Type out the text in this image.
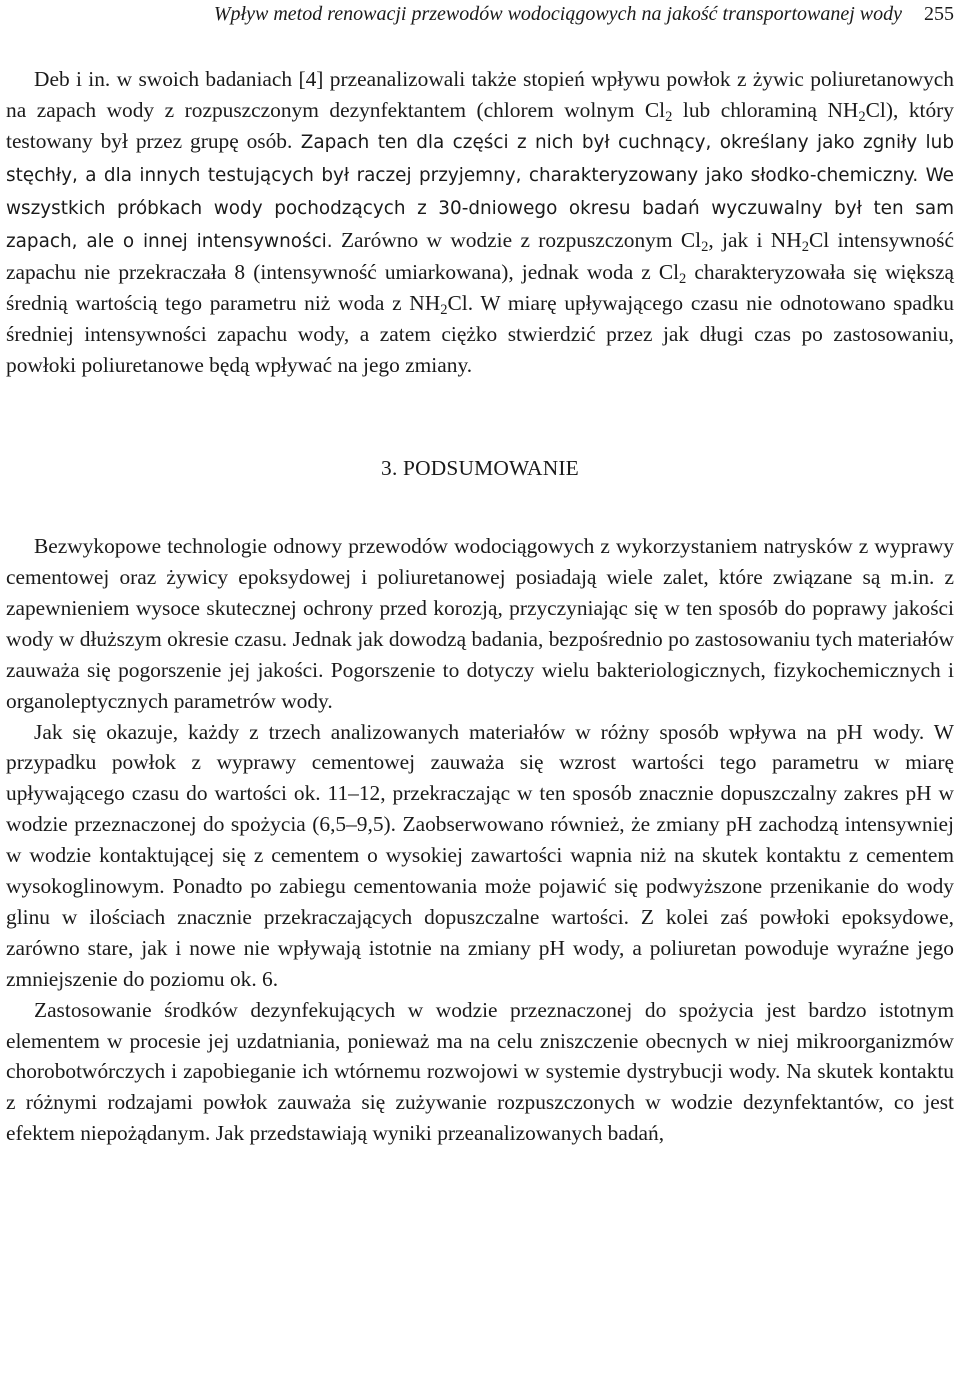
Wpływ metod renowacji przewodów wodociągowych na jakość transportowanej wody 255

Deb i in. w swoich badaniach [4] przeanalizowali także stopień wpływu powłok z żywic poliuretanowych na zapach wody z rozpuszczonym dezynfektantem (chlorem wolnym $Cl_2$ lub chloraminą $NH_2Cl$), który testowany był przez grupę osób. Zapach ten dla części z nich był cuchnący, określany jako zgniły lub stęchły, a dla innych testujących był raczej przyjemny, charakteryzowany jako słodko-chemiczny. We wszystkich próbkach wody pochodzących z 30-dniowego okresu badań wyczuwalny był ten sam zapach, ale o innej intensywności. Zarówno w wodzie z rozpuszczonym $Cl_2$, jak i $NH_2Cl$ intensywność zapachu nie przekraczała 8 (intensywność umiarkowana), jednak woda z $Cl_2$ charakteryzowała się większą średnią wartością tego parametru niż woda z $NH_2Cl$. W miarę upływającego czasu nie odnotowano spadku średniej intensywności zapachu wody, a zatem ciężko stwierdzić przez jak długi czas po zastosowaniu, powłoki poliuretanowe będą wpływać na jego zmiany.

3. PODSUMOWANIE

Bezwykopowe technologie odnowy przewodów wodociągowych z wykorzystaniem natrysków z wyprawy cementowej oraz żywicy epoksydowej i poliuretanowej posiadają wiele zalet, które związane są m.in. z zapewnieniem wysoce skutecznej ochrony przed korozją, przyczyniając się w ten sposób do poprawy jakości wody w dłuższym okresie czasu. Jednak jak dowodzą badania, bezpośrednio po zastosowaniu tych materiałów zauważa się pogorszenie jej jakości. Pogorszenie to dotyczy wielu bakteriologicznych, fizykochemicznych i organoleptycznych parametrów wody.

Jak się okazuje, każdy z trzech analizowanych materiałów w różny sposób wpływa na pH wody. W przypadku powłok z wyprawy cementowej zauważa się wzrost wartości tego parametru w miarę upływającego czasu do wartości ok. 11–12, przekraczając w ten sposób znacznie dopuszczalny zakres pH w wodzie przeznaczonej do spożycia (6,5–9,5). Zaobserwowano również, że zmiany pH zachodzą intensywniej w wodzie kontaktującej się z cementem o wysokiej zawartości wapnia niż na skutek kontaktu z cementem wysokoglinowym. Ponadto po zabiegu cementowania może pojawić się podwyższone przenikanie do wody glinu w ilościach znacznie przekraczających dopuszczalne wartości. Z kolei zaś powłoki epoksydowe, zarówno stare, jak i nowe nie wpływają istotnie na zmiany pH wody, a poliuretan powoduje wyraźne jego zmniejszenie do poziomu ok. 6.

Zastosowanie środków dezynfekujących w wodzie przeznaczonej do spożycia jest bardzo istotnym elementem w procesie jej uzdatniania, ponieważ ma na celu zniszczenie obecnych w niej mikroorganizmów chorobotwórczych i zapobieganie ich wtórnemu rozwojowi w systemie dystrybucji wody. Na skutek kontaktu z różnymi rodzajami powłok zauważa się zużywanie rozpuszczonych w wodzie dezynfektantów, co jest efektem niepożądanym. Jak przedstawiają wyniki przeanalizowanych badań,
